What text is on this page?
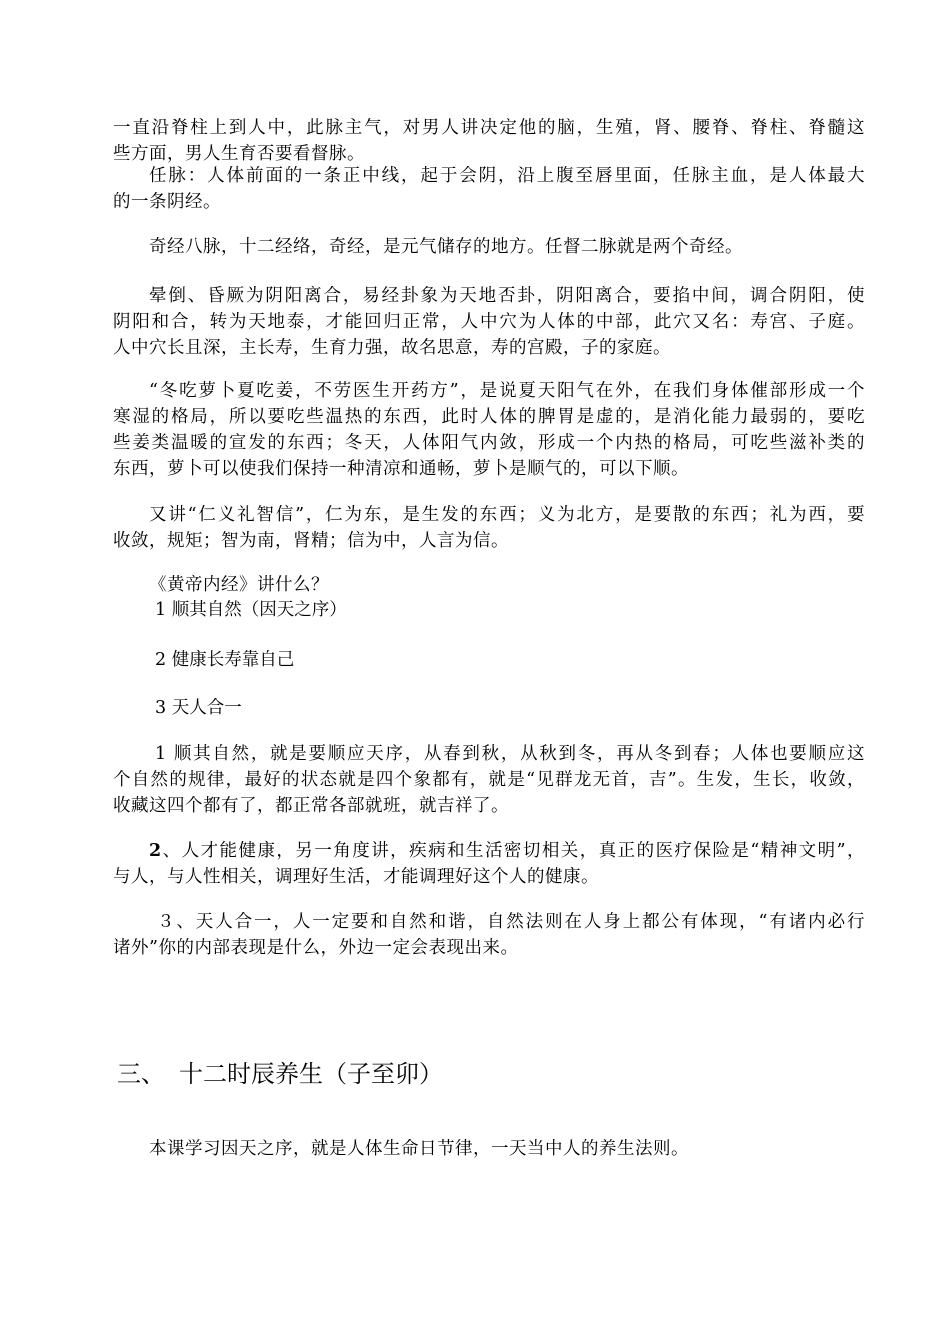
一直沿脊柱上到人中，此脉主气，对男人讲决定他的脑，生殖，肾、腰脊、脊柱、脊髓这
些方面，男人生育否要看督脉。
任脉：人体前面的一条正中线，起于会阴，沿上腹至唇里面，任脉主血，是人体最大
的一条阴经。
奇经八脉，十二经络，奇经，是元气储存的地方。任督二脉就是两个奇经。
晕倒、昏厥为阴阳离合，易经卦象为天地否卦，阴阳离合，要掐中间，调合阴阳，使
阴阳和合，转为天地泰，才能回归正常，人中穴为人体的中部，此穴又名：寿宫、子庭。
人中穴长且深，主长寿，生育力强，故名思意，寿的宫殿，子的家庭。
“冬吃萝卜夏吃姜，不劳医生开药方”，是说夏天阳气在外，在我们身体催部形成一个
寒湿的格局，所以要吃些温热的东西，此时人体的脾胃是虚的，是消化能力最弱的，要吃
些姜类温暖的宣发的东西；冬天，人体阳气内敛，形成一个内热的格局，可吃些滋补类的
东西，萝卜可以使我们保持一种清凉和通畅，萝卜是顺气的，可以下顺。
又讲“仁义礼智信”，仁为东，是生发的东西；义为北方，是要散的东西；礼为西，要
收敛，规矩；智为南，肾精；信为中，人言为信。
《黄帝内经》讲什么？
1 顺其自然（因天之序）
2 健康长寿靠自己
3 天人合一
1 顺其自然，就是要顺应天序，从春到秋，从秋到冬，再从冬到春；人体也要顺应这
个自然的规律，最好的状态就是四个象都有，就是“见群龙无首，吉”。生发，生长，收敛，
收藏这四个都有了，都正常各部就班，就吉祥了。
2、人才能健康，另一角度讲，疾病和生活密切相关，真正的医疗保险是“精神文明”，
与人，与人性相关，调理好生活，才能调理好这个人的健康。
３、天人合一，人一定要和自然和谐，自然法则在人身上都公有体现，“有诸内必行
诸外”你的内部表现是什么，外边一定会表现出来。
三、 十二时辰养生（子至卯）
本课学习因天之序，就是人体生命日节律，一天当中人的养生法则。
